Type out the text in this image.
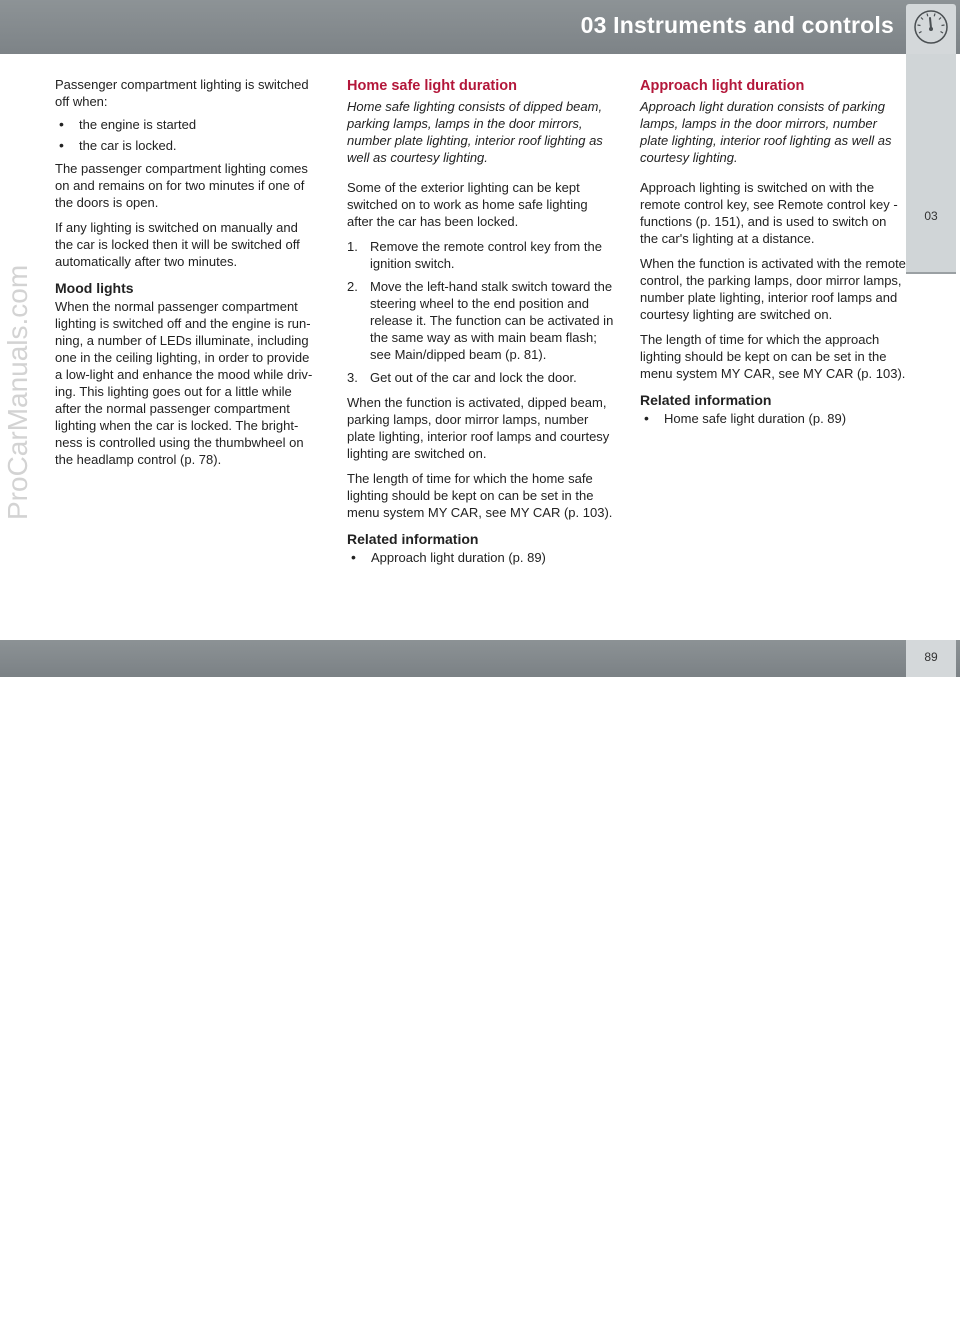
03 Instruments and controls
03
ProCarManuals.com

Passenger compartment lighting is switched off when:

• the engine is started
• the car is locked.

The passenger compartment lighting comes on and remains on for two minutes if one of the doors is open.

If any lighting is switched on manually and the car is locked then it will be switched off automatically after two minutes.

Mood lights

When the normal passenger compartment lighting is switched off and the engine is running, a number of LEDs illuminate, including one in the ceiling lighting, in order to provide a low-light and enhance the mood while driving. This lighting goes out for a little while after the normal passenger compartment lighting when the car is locked. The brightness is controlled using the thumbwheel on the headlamp control (p. 78).

Home safe light duration

Home safe lighting consists of dipped beam, parking lamps, lamps in the door mirrors, number plate lighting, interior roof lighting as well as courtesy lighting.

Some of the exterior lighting can be kept switched on to work as home safe lighting after the car has been locked.

1. Remove the remote control key from the ignition switch.
2. Move the left-hand stalk switch toward the steering wheel to the end position and release it. The function can be activated in the same way as with main beam flash; see Main/dipped beam (p. 81).
3. Get out of the car and lock the door.

When the function is activated, dipped beam, parking lamps, door mirror lamps, number plate lighting, interior roof lamps and courtesy lighting are switched on.

The length of time for which the home safe lighting should be kept on can be set in the menu system MY CAR, see MY CAR (p. 103).

Related information
• Approach light duration (p. 89)
Approach light duration

Approach light duration consists of parking lamps, lamps in the door mirrors, number plate lighting, interior roof lighting as well as courtesy lighting.

Approach lighting is switched on with the remote control key, see Remote control key - functions (p. 151), and is used to switch on the car's lighting at a distance.

When the function is activated with the remote control, the parking lamps, door mirror lamps, number plate lighting, interior roof lamps and courtesy lighting are switched on.

The length of time for which the approach lighting should be kept on can be set in the menu system MY CAR, see MY CAR (p. 103).

Related information
• Home safe light duration (p. 89)
carmanualsonline.info
89
